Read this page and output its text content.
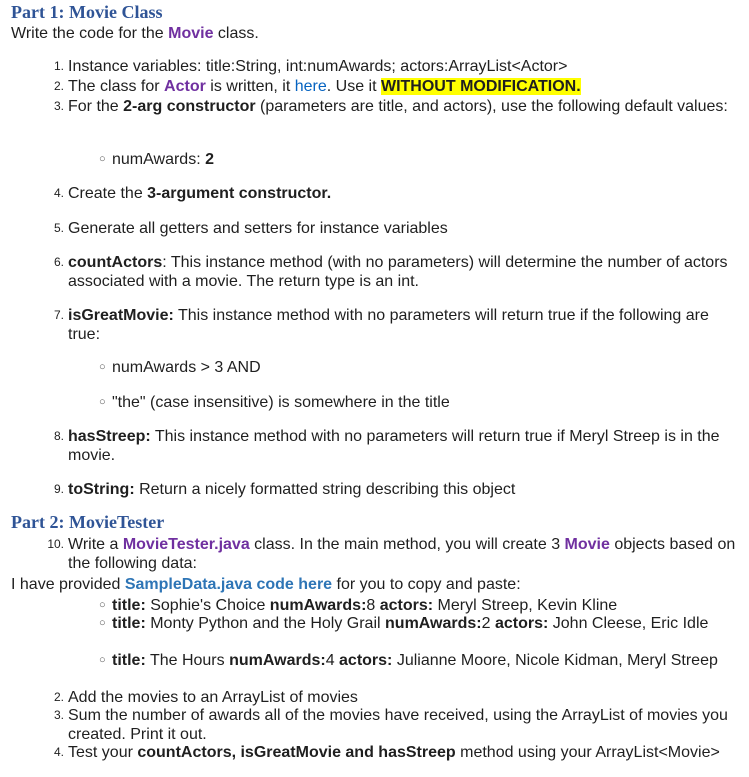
Part 1: Movie Class

Write the code for the Movie class.

1. Instance variables: title:String, int:numAwards; actors:ArrayList<Actor>
2. The class for Actor is written, it here. Use it WITHOUT MODIFICATION.
3. For the 2-arg constructor (parameters are title, and actors), use the following default values:
○ numAwards: 2
4. Create the 3-argument constructor.
5. Generate all getters and setters for instance variables
6. countActors: This instance method (with no parameters) will determine the number of actors associated with a movie. The return type is an int.
7. isGreatMovie: This instance method with no parameters will return true if the following are true:
○ numAwards > 3 AND
○ "the" (case insensitive) is somewhere in the title
8. hasStreep: This instance method with no parameters will return true if Meryl Streep is in the movie.
9. toString: Return a nicely formatted string describing this object
Part 2: MovieTester
10. Write a MovieTester.java class. In the main method, you will create 3 Movie objects based on the following data:

I have provided SampleData.java code here for you to copy and paste:

○ title: Sophie's Choice numAwards:8 actors: Meryl Streep, Kevin Kline
○ title: Monty Python and the Holy Grail numAwards:2 actors: John Cleese, Eric Idle
○ title: The Hours numAwards:4 actors: Julianne Moore, Nicole Kidman, Meryl Streep
2. Add the movies to an ArrayList of movies
3. Sum the number of awards all of the movies have received, using the ArrayList of movies you created. Print it out.
4. Test your countActors, isGreatMovie and hasStreep method using your ArrayList<Movie>
